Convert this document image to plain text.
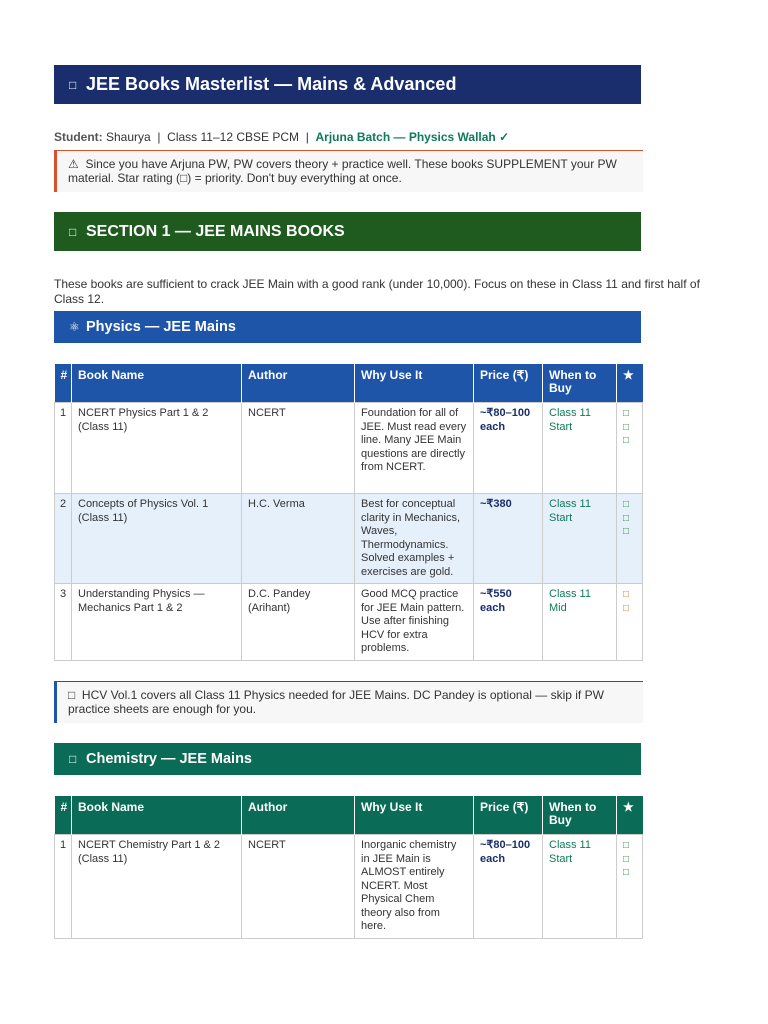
□ JEE Books Masterlist — Mains & Advanced
Student: Shaurya | Class 11–12 CBSE PCM | Arjuna Batch — Physics Wallah ✓
⚠ Since you have Arjuna PW, PW covers theory + practice well. These books SUPPLEMENT your PW material. Star rating (□) = priority. Don't buy everything at once.
□ SECTION 1 — JEE MAINS BOOKS
These books are sufficient to crack JEE Main with a good rank (under 10,000). Focus on these in Class 11 and first half of Class 12.
⚛ Physics — JEE Mains
#	Book Name	Author	Why Use It	Price (₹)	When to Buy	★
1	NCERT Physics Part 1 & 2 (Class 11)	NCERT	Foundation for all of JEE. Must read every line. Many JEE Main questions are directly from NCERT.	~₹80–100 each	Class 11 Start	□
□
□

2	Concepts of Physics Vol. 1 (Class 11)	H.C. Verma	Best for conceptual clarity in Mechanics, Waves, Thermodynamics. Solved examples + exercises are gold.	~₹380	Class 11 Start	□
□
□

3	Understanding Physics — Mechanics Part 1 & 2	D.C. Pandey (Arihant)	Good MCQ practice for JEE Main pattern. Use after finishing HCV for extra problems.	~₹550 each	Class 11 Mid	□
□
□ HCV Vol.1 covers all Class 11 Physics needed for JEE Mains. DC Pandey is optional — skip if PW practice sheets are enough for you.
□ Chemistry — JEE Mains
#	Book Name	Author	Why Use It	Price (₹)	When to Buy	★
1	NCERT Chemistry Part 1 & 2 (Class 11)	NCERT	Inorganic chemistry in JEE Main is ALMOST entirely NCERT. Most Physical Chem theory also from here.	~₹80–100 each	Class 11 Start	□
□
□
